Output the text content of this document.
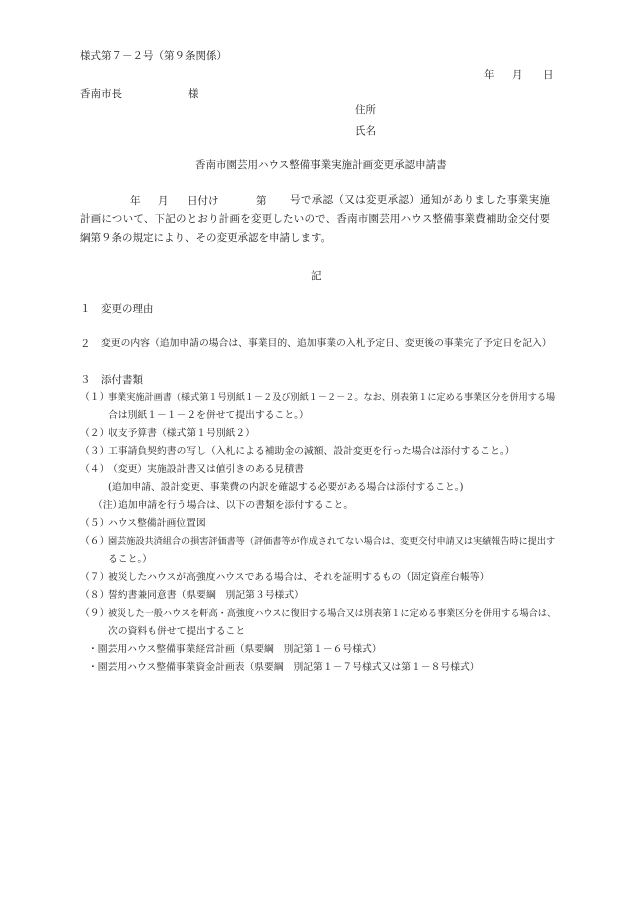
様式第７－２号（第９条関係）
年 月 日
香南市長	様
住所
氏名
香南市園芸用ハウス整備事業実施計画変更承認申請書
年 月 日付け	第	号で承認（又は変更承認）通知がありました事業実施計画について、下記のとおり計画を変更したいので、香南市園芸用ハウス整備事業費補助金交付要綱第９条の規定により、その変更承認を申請します。
記
１ 変更の理由
２ 変更の内容（追加申請の場合は、事業目的、追加事業の入札予定日、変更後の事業完了予定日を記入）
３ 添付書類
（１）
事業実施計画書（様式第１号別紙１－２及び別紙１－２－２。なお、別表第１に定める事業区分を併用する場
合は別紙１－１－２を併せて提出すること。）
（２）
収支予算書（様式第１号別紙２）
（３）
工事請負契約書の写し（入札による補助金の減額、設計変更を行った場合は添付すること。）
（４）
（変更）実施設計書又は値引きのある見積書
(追加申請、設計変更、事業費の内訳を確認する必要がある場合は添付すること。)
（注）
追加申請を行う場合は、以下の書類を添付すること。
（５）
ハウス整備計画位置図
（６）
園芸施設共済組合の損害評価書等（評価書等が作成されてない場合は、変更交付申請又は実績報告時に提出す
ること。）
（７）
被災したハウスが高強度ハウスである場合は、それを証明するもの（固定資産台帳等）
（８）
誓約書兼同意書（県要綱　別記第３号様式）
（９）
被災した一般ハウスを軒高・高強度ハウスに復旧する場合又は別表第１に定める事業区分を併用する場合は、
次の資料も併せて提出すること
・園芸用ハウス整備事業経営計画（県要綱　別記第１－６号様式）
・園芸用ハウス整備事業資金計画表（県要綱　別記第１－７号様式又は第１－８号様式）
